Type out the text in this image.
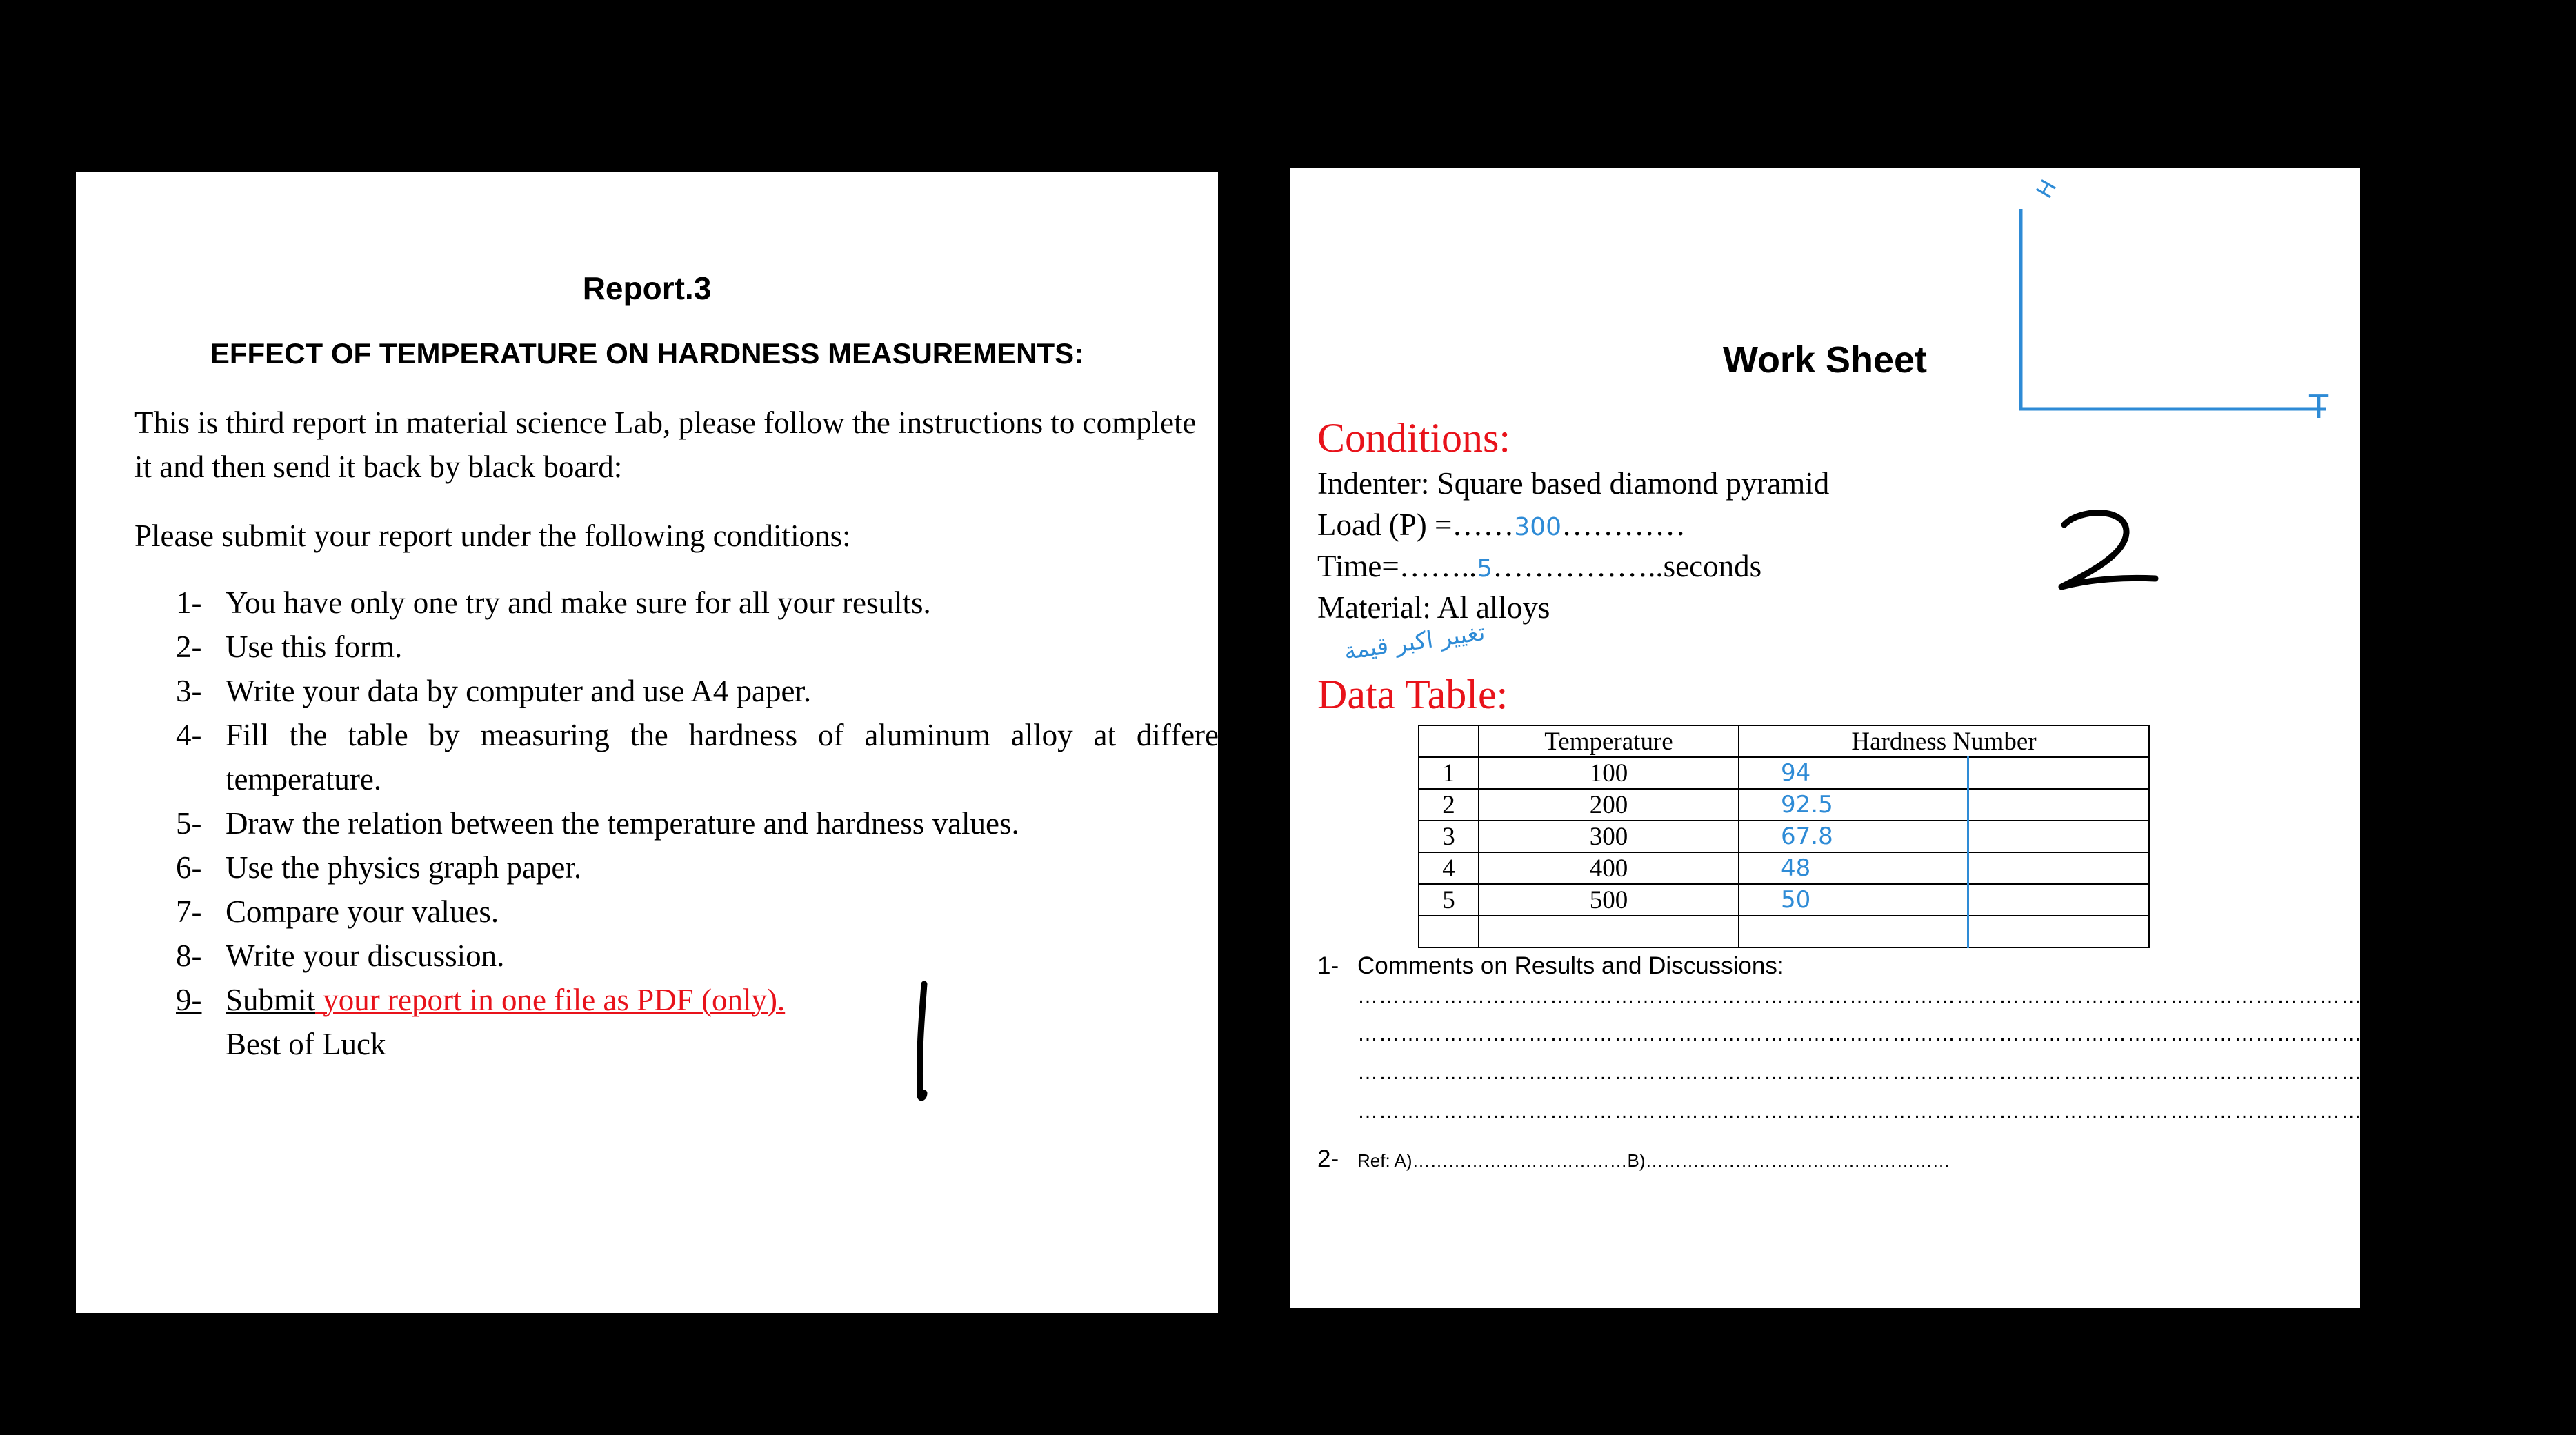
Report.3
EFFECT OF TEMPERATURE ON HARDNESS MEASUREMENTS:

This is third report in material science Lab, please follow the instructions to complete it and then send it back by black board:

Please submit your report under the following conditions:

1- You have only one try and make sure for all your results.
2- Use this form.
3- Write your data by computer and use A4 paper.
4- Fill the table by measuring the hardness of aluminum alloy at differe
temperature.
5- Draw the relation between the temperature and hardness values.
6- Use the physics graph paper.
7- Compare your values.
8- Write your discussion.
9- Submit your report in one file as PDF (only).
Best of Luck
H
T
Work Sheet
Conditions:
Indenter: Square based diamond pyramid
Load (P) =……300…………
Time=……..5……………..seconds
Material: Al alloys
تغيير اكبر قيمة
Data Table:
	Temperature	Hardness Number	
1	100	94	
2	200	92.5	
3	300	67.8	
4	400	48	
5	500	50	

1- Comments on Results and Discussions:
………………………………………………………………………………………………………………………………………………………
………………………………………………………………………………………………………………………………………………………
………………………………………………………………………………………………………………………………………………………
………………………………………………………………………………………………………………………………………………………
2- Ref: A)………………………………B)……………………………………………
